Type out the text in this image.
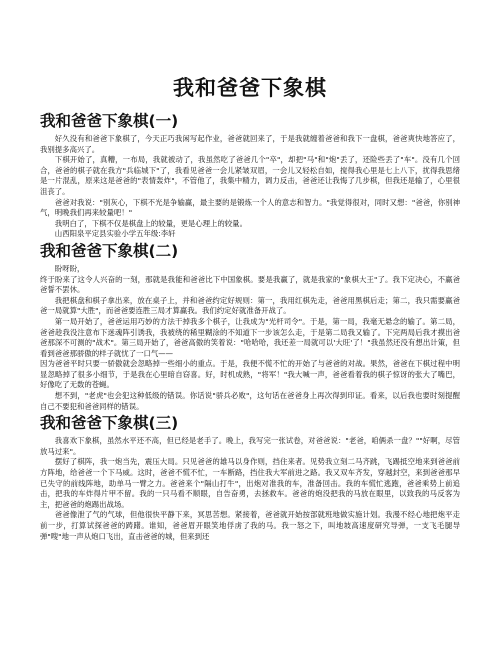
我和爸爸下象棋
我和爸爸下象棋(一)

好久没有和爸爸下象棋了，今天正巧我闲写起作业，爸爸就回来了，于是我就缠着爸爸和我下一盘棋，爸爸爽快地答应了，我别提多高兴了。

下棋开始了，真糟，一布局，我就被动了，我虽然吃了爸爸几个"卒"，却把"马"和"炮"丢了，还险些丢了"车"。没有几个回合，爸爸的棋子就在我方"兵临城下"了，我看见爸爸一会儿紧皱双眉，一会儿又轻松自如，搅得我心里是七上八下，扰得我思绪是一片混乱，原来这是爸爸的"表情轰炸"，不管他了，我集中精力，调力反击，爸爸还让我悔了几步棋，但我还是输了，心里很沮丧了。

爸爸对我说："别灰心，下棋不光是争输赢，最主要的是锻炼一个人的意志和智力。"我觉得很对，同时又想："爸爸，你别神气，明晚我们再来较量吧！"

我明白了，下棋不仅是棋盘上的较量，更是心理上的较量。

山西阳泉平定县实验小学五年级:李轩

我和爸爸下象棋(二)

盼呀盼，

终于盼来了这令人兴奋的一刻，那就是我能和爸爸比下中国象棋。要是我赢了，就是我家的"象棋大王"了。我下定决心，不赢爸爸誓不罢休。

我把棋盘和棋子拿出来，放在桌子上，并和爸爸约定好规则：第一，我用红棋先走，爸爸用黑棋后走；第二，我只需要赢爸爸一局就算"大胜"，而爸爸要连胜三局才算赢我。我们约定好就准备开战了。

第一局开始了，爸爸运用巧妙的方法干掉我多个棋子，让我成为"光杆司令"。于是，第一局，我毫无悬念的输了。第二局，爸爸趁我没注意布下迷魂阵引诱我，我被绕的稀里糊涂的不知道下一步该怎么走，于是第二局我又输了。下完两局后我才摸出爸爸那深不可测的"战术"。第三局开始了，爸爸高傲的笑着说："哈哈哈，我还差一局就可以'大旺'了！"我虽然还没有想出计策，但看到爸爸那骄傲的样子就忧了一口气——

因为爸爸平时只要一骄傲就会忽略掉一些细小的重点。于是，我便不慌不忙的开始了与爸爸的对战。果然，爸爸在下棋过程中明显忽略掉了很多小细节，于是我在心里暗自窃喜。好，时机成熟，"将军！"我大喊一声，爸爸看着我的棋子惊讶的张大了嘴巴，好像吃了无数的苍蝇。

想不到，"老虎"也会犯这种低级的错误。你话说"骄兵必败"，这句话在爸爸身上再次得到印证。看来，以后我也要时刻提醒自己不要犯和爸爸同样的错误。

我和爸爸下象棋(三)

我喜欢下象棋，虽然水平还不高，但已经是老手了。晚上，我写完一张试卷，对爸爸说："老爸，咱俩杀一盘？""好啊，尽管放马过来"。

摆好了棋阵，我一炮当先，震压大局。只见爸爸的雄马以身作则，挡住来者。见势我立刻二马齐跳，飞踢抵空地来到爸爸前方阵地，给爸爸一个下马威。这时，爸爸不慌不忙，一车断路，挡住我大军前进之路。我又双车齐发，穿越封空，来到爸爸那早已失守的前线阵地，助单马一臂之力。爸爸来个"隔山打牛"，出炮对准我的车，准备回击。我的车慌忙逃跑，爸爸乘势上前追击，把我的车炸得片甲不留。我的一只马看不顺眼，自告奋勇，去拯救车。爸爸的炮没把我的马放在眼里，以致我的马反客为主，把爸爸的炮踢出战场。

爸爸像泄了气的气球，但他很快平静下来，冥思苦想。紧接着，爸爸就开始按部就班地做实施计划。我漫不经心地把炮平走前一步，打算试探爸爸的踌躇。谁知，爸爸眉开眼笑地俘虏了我的马。我一怒之下，叫地坡高速度研究导弹，一支飞毛腿导弹"嗖"地一声从炮口飞出，直击爸爸的城，但来到还
